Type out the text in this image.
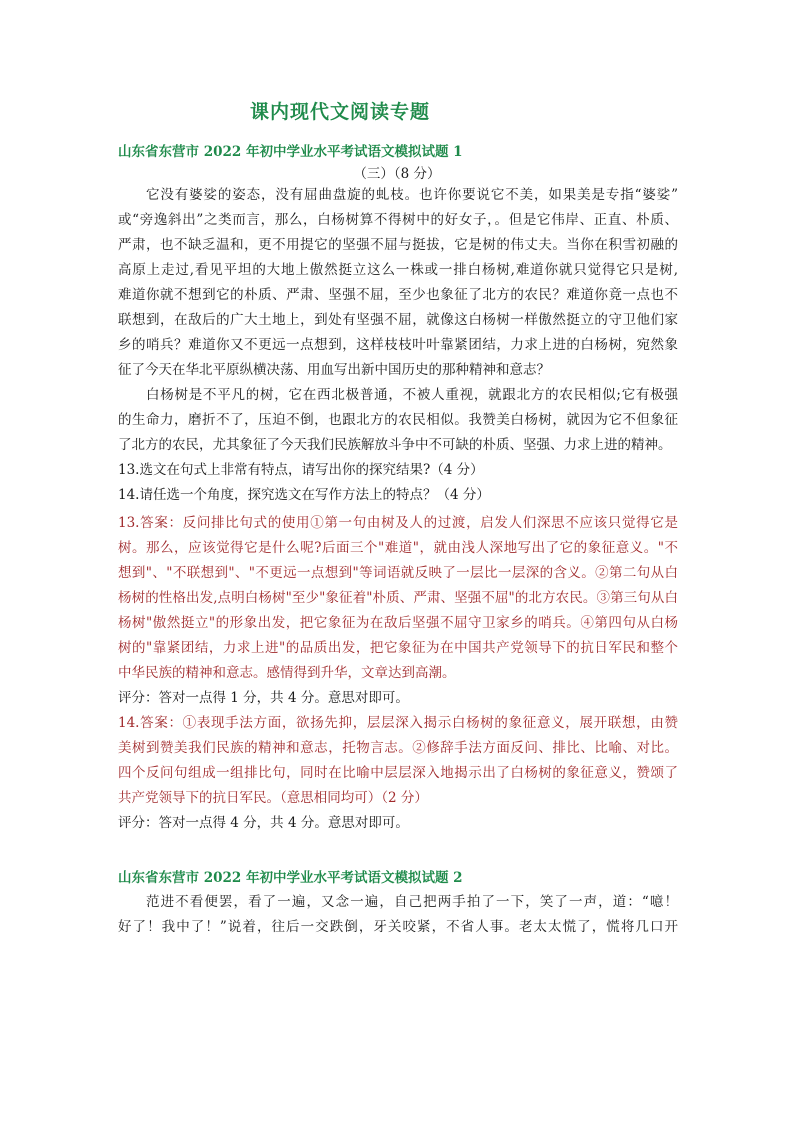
课内现代文阅读专题
山东省东营市 2022 年初中学业水平考试语文模拟试题 1
（三）（8 分）
它没有婆娑的姿态，没有屈曲盘旋的虬枝。也许你要说它不美，如果美是专指“婆娑”
或“旁逸斜出”之类而言，那么，白杨树算不得树中的好女子，。但是它伟岸、正直、朴质、
严肃，也不缺乏温和，更不用提它的坚强不屈与挺拔，它是树的伟丈夫。当你在积雪初融的
高原上走过,看见平坦的大地上傲然挺立这么一株或一排白杨树,难道你就只觉得它只是树,
难道你就不想到它的朴质、严肃、坚强不屈，至少也象征了北方的农民？难道你竟一点也不
联想到，在敌后的广大土地上，到处有坚强不屈，就像这白杨树一样傲然挺立的守卫他们家
乡的哨兵？难道你又不更远一点想到，这样枝枝叶叶靠紧团结，力求上进的白杨树，宛然象
征了今天在华北平原纵横决荡、用血写出新中国历史的那种精神和意志？
白杨树是不平凡的树，它在西北极普通，不被人重视，就跟北方的农民相似;它有极强
的生命力，磨折不了，压迫不倒，也跟北方的农民相似。我赞美白杨树，就因为它不但象征
了北方的农民，尤其象征了今天我们民族解放斗争中不可缺的朴质、坚强、力求上进的精神。
13.选文在句式上非常有特点，请写出你的探究结果?（4 分）
14.请任选一个角度，探究选文在写作方法上的特点？（4 分）
13.答案：反问排比句式的使用①第一句由树及人的过渡，启发人们深思不应该只觉得它是
树。那么，应该觉得它是什么呢?后面三个"难道"，就由浅人深地写出了它的象征意义。"不
想到"、"不联想到"、"不更远一点想到"等词语就反映了一层比一层深的含义。②第二句从白
杨树的性格出发,点明白杨树"至少"象征着"朴质、严肃、坚强不屈"的北方农民。③第三句从白
杨树"傲然挺立"的形象出发，把它象征为在敌后坚强不屈守卫家乡的哨兵。④第四句从白杨
树的"靠紧团结，力求上进"的品质出发，把它象征为在中国共产党领导下的抗日军民和整个
中华民族的精神和意志。感情得到升华，文章达到高潮。
评分：答对一点得 1 分，共 4 分。意思对即可。
14.答案：①表现手法方面，欲扬先抑，层层深入揭示白杨树的象征意义，展开联想，由赞
美树到赞美我们民族的精神和意志，托物言志。②修辞手法方面反问、排比、比喻、对比。
四个反问句组成一组排比句，同时在比喻中层层深入地揭示出了白杨树的象征意义，赞颂了
共产党领导下的抗日军民。（意思相同均可）（2 分）
评分：答对一点得 4 分，共 4 分。意思对即可。
山东省东营市 2022 年初中学业水平考试语文模拟试题 2
范进不看便罢，看了一遍，又念一遍，自己把两手拍了一下，笑了一声，道：“噫！
好了！我中了！”说着，往后一交跌倒，牙关咬紧，不省人事。老太太慌了，慌将几口开
